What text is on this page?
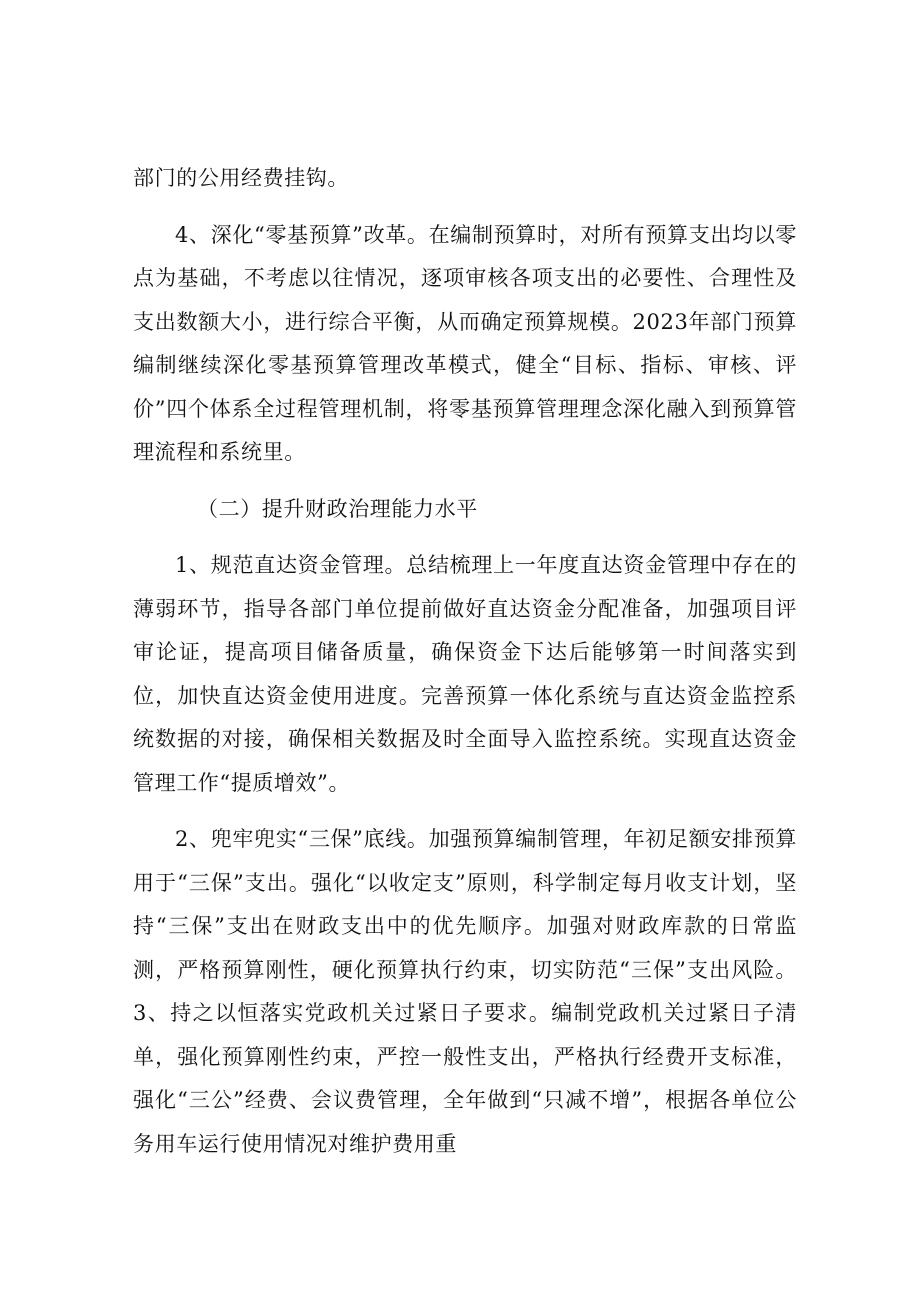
部门的公用经费挂钩。

4、深化“零基预算”改革。在编制预算时，对所有预算支出均以零点为基础，不考虑以往情况，逐项审核各项支出的必要性、合理性及支出数额大小，进行综合平衡，从而确定预算规模。2023年部门预算编制继续深化零基预算管理改革模式，健全“目标、指标、审核、评价”四个体系全过程管理机制，将零基预算管理理念深化融入到预算管理流程和系统里。

（二）提升财政治理能力水平

1、规范直达资金管理。总结梳理上一年度直达资金管理中存在的薄弱环节，指导各部门单位提前做好直达资金分配准备，加强项目评审论证，提高项目储备质量，确保资金下达后能够第一时间落实到位，加快直达资金使用进度。完善预算一体化系统与直达资金监控系统数据的对接，确保相关数据及时全面导入监控系统。实现直达资金管理工作“提质增效”。

2、兜牢兜实“三保”底线。加强预算编制管理，年初足额安排预算用于“三保”支出。强化“以收定支”原则，科学制定每月收支计划，坚持“三保”支出在财政支出中的优先顺序。加强对财政库款的日常监测，严格预算刚性，硬化预算执行约束，切实防范“三保”支出风险。3、持之以恒落实党政机关过紧日子要求。编制党政机关过紧日子清单，强化预算刚性约束，严控一般性支出，严格执行经费开支标准，强化“三公”经费、会议费管理，全年做到“只减不增”，根据各单位公务用车运行使用情况对维护费用重
